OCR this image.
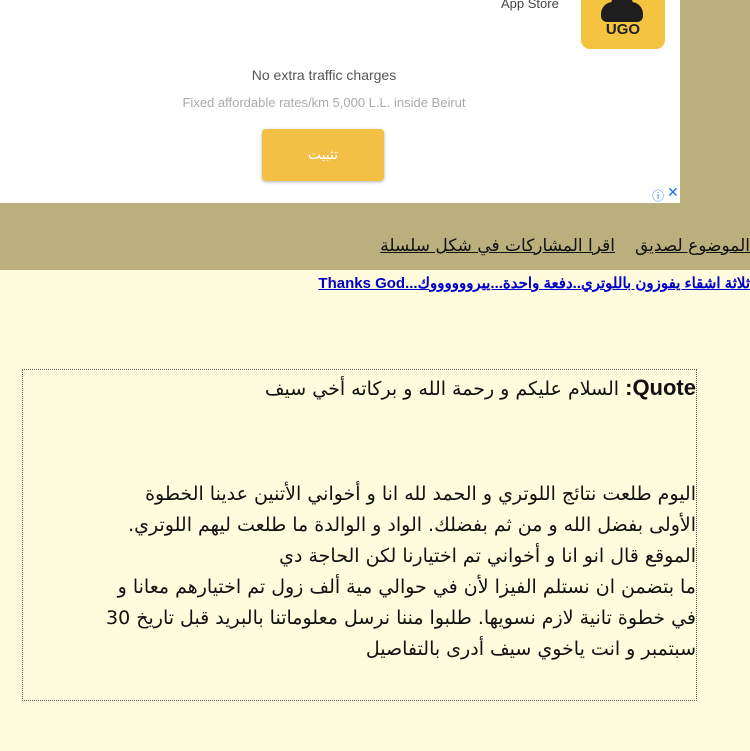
App Store
UGO
No extra traffic charges
Fixed affordable rates/km 5,000 L.L. inside Beirut
تثبيت
ⓘ ✕
الموضوع لصديقاقرا المشاركات في شكل سلسلة
Thanks God...ثلاثة اشقاء يفوزون باللوتري..دفعة واحدة...ييرووووووك

Quote: السلام عليكم و رحمة الله و بركاته أخي سيف

اليوم طلعت نتائج اللوتري و الحمد لله انا و أخواني الأتنين عدينا الخطوة

الأولى بفضل الله و من ثم بفضلك. الواد و الوالدة ما طلعت ليهم اللوتري.

الموقع قال انو انا و أخواني تم اختيارنا لكن الحاجة دي

ما بتضمن ان نستلم الفيزا لأن في حوالي مية ألف زول تم اختيارهم معانا و

في خطوة تانية لازم نسويها. طلبوا مننا نرسل معلوماتنا بالبريد قبل تاريخ 30

سبتمبر و انت ياخوي سيف أدرى بالتفاصيل
